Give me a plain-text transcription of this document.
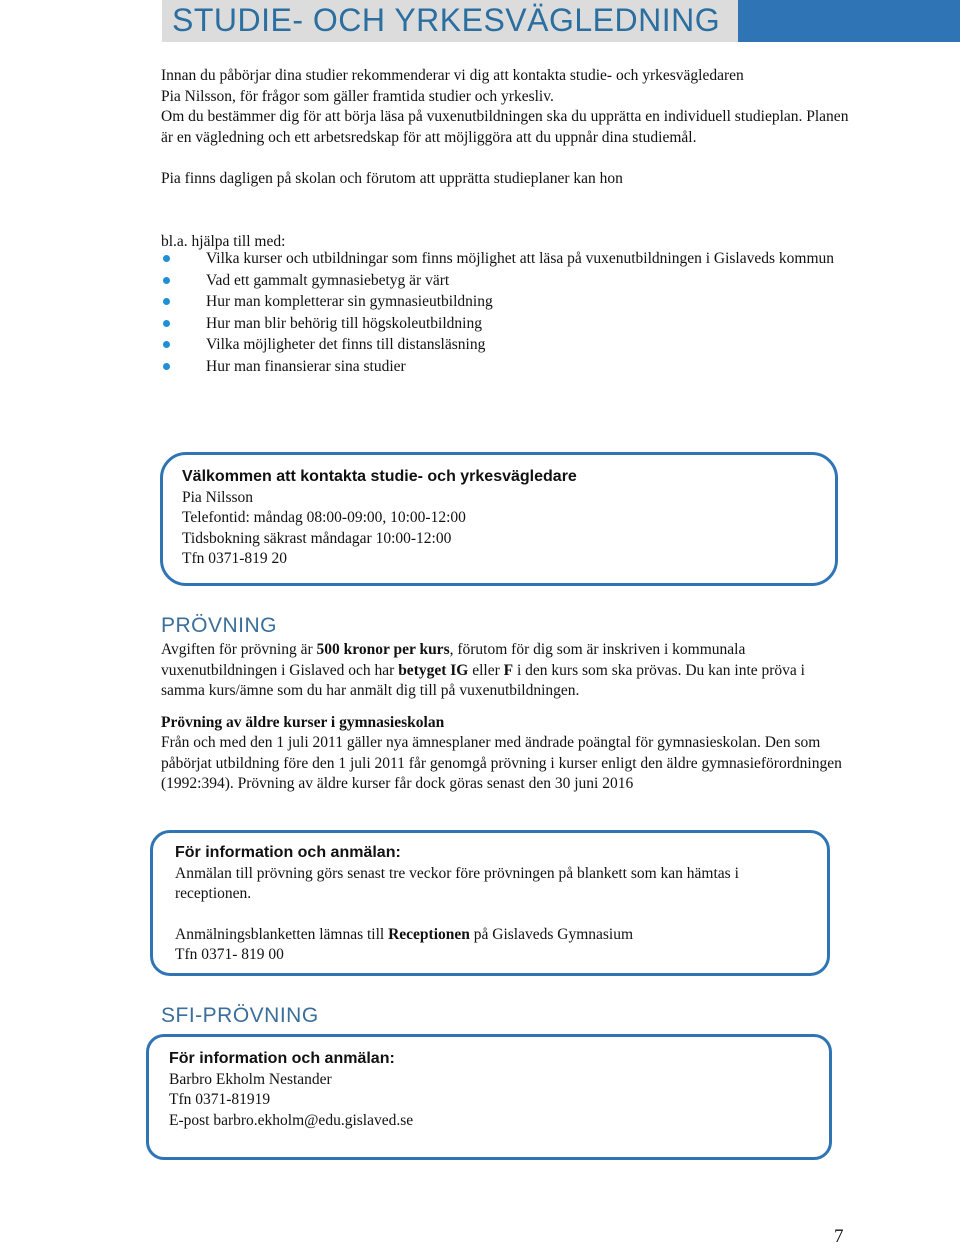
STUDIE- OCH YRKESVÄGLEDNING

Innan du påbörjar dina studier rekommenderar vi dig att kontakta studie- och yrkesvägledaren Pia Nilsson, för frågor som gäller framtida studier och yrkesliv.

Om du bestämmer dig för att börja läsa på vuxenutbildningen ska du upprätta en individuell studieplan. Planen är en vägledning och ett arbetsredskap för att möjliggöra att du uppnår dina studiemål.

Pia finns dagligen på skolan och förutom att upprätta studieplaner kan hon

bl.a. hjälpa till med:
Vilka kurser och utbildningar som finns möjlighet att läsa på vuxenutbildningen i Gislaveds kommun
Vad ett gammalt gymnasiebetyg är värt
Hur man kompletterar sin gymnasieutbildning
Hur man blir behörig till högskoleutbildning
Vilka möjligheter det finns till distansläsning
Hur man finansierar sina studier
Välkommen att kontakta studie- och yrkesvägledare
Pia Nilsson
Telefontid: måndag 08:00-09:00, 10:00-12:00
Tidsbokning säkrast måndagar 10:00-12:00
Tfn 0371-819 20
PRÖVNING

Avgiften för prövning är 500 kronor per kurs, förutom för dig som är inskriven i kommunala vuxenutbildningen i Gislaved och har betyget IG eller F i den kurs som ska prövas. Du kan inte pröva i samma kurs/ämne som du har anmält dig till på vuxenutbildningen.

Prövning av äldre kurser i gymnasieskolan

Från och med den 1 juli 2011 gäller nya ämnesplaner med ändrade poängtal för gymnasieskolan. Den som påbörjat utbildning före den 1 juli 2011 får genomgå prövning i kurser enligt den äldre gymnasieförordningen (1992:394). Prövning av äldre kurser får dock göras senast den 30 juni 2016

För information och anmälan:
Anmälan till prövning görs senast tre veckor före prövningen på blankett som kan hämtas i receptionen.
Anmälningsblanketten lämnas till Receptionen på Gislaveds Gymnasium
Tfn 0371- 819 00
SFI-PRÖVNING
För information och anmälan:
Barbro Ekholm Nestander
Tfn 0371-81919
E-post barbro.ekholm@edu.gislaved.se
7
